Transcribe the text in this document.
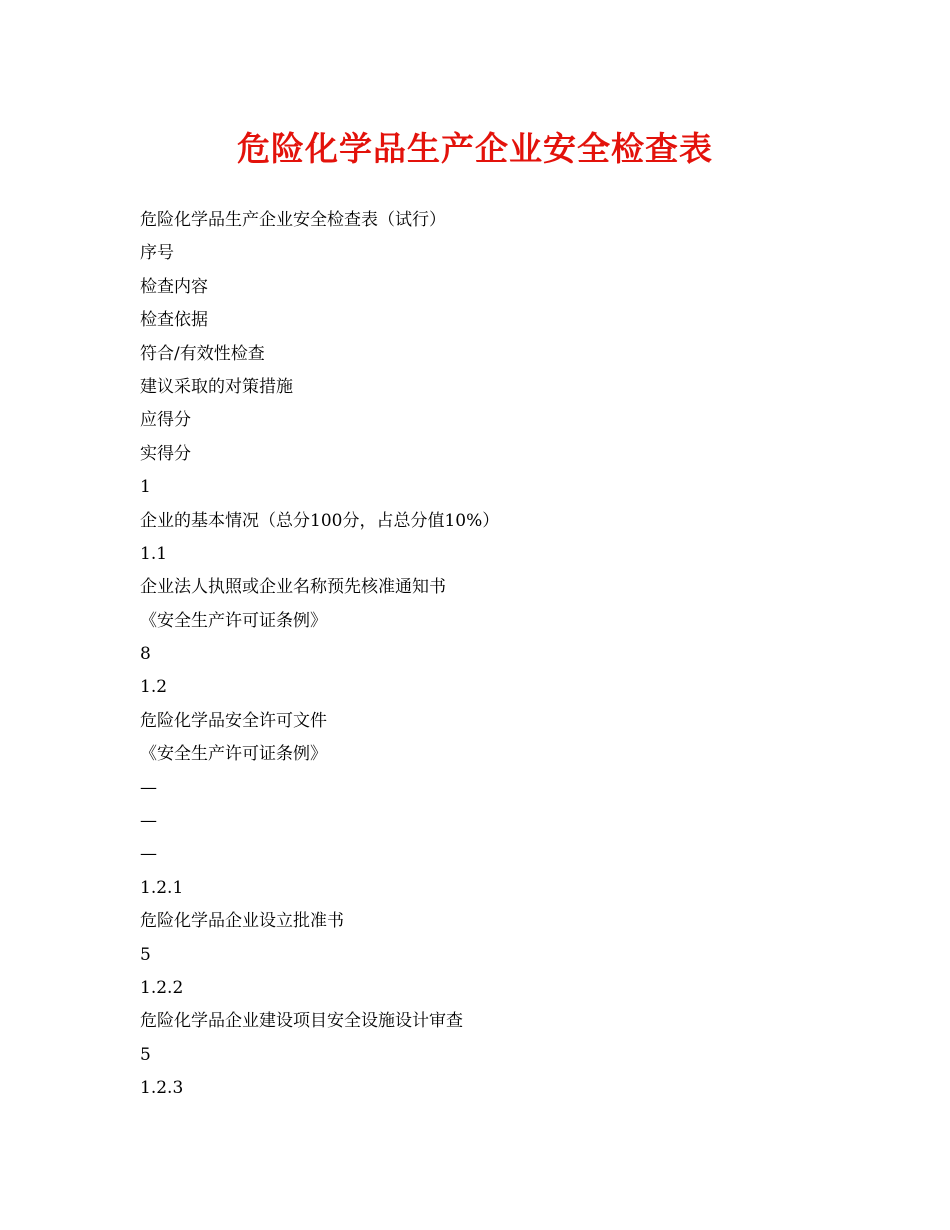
危险化学品生产企业安全检查表
危险化学品生产企业安全检查表（试行）
序号
检查内容
检查依据
符合/有效性检查
建议采取的对策措施
应得分
实得分
1
企业的基本情况（总分100分，占总分值10%）
1.1
企业法人执照或企业名称预先核准通知书
《安全生产许可证条例》
8
1.2
危险化学品安全许可文件
《安全生产许可证条例》
—
—
—
1.2.1
危险化学品企业设立批准书
5
1.2.2
危险化学品企业建设项目安全设施设计审查
5
1.2.3
